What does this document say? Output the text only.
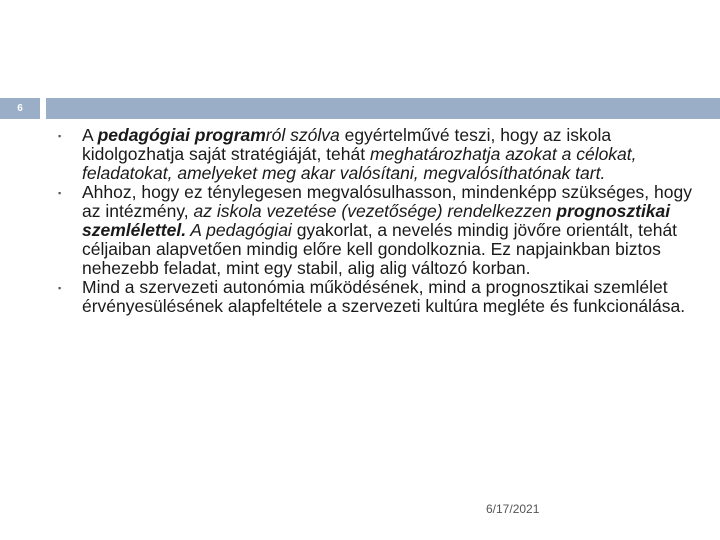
6
▪	A pedagógiai programról szólva egyértelművé teszi, hogy az iskola kidolgozhatja saját stratégiáját, tehát meghatározhatja azokat a célokat, feladatokat, amelyeket meg akar valósítani, megvalósíthatónak tart.
▪	Ahhoz, hogy ez ténylegesen megvalósulhasson, mindenképp szükséges, hogy az intézmény, az iskola vezetése (vezetősége) rendelkezzen prognosztikai szemlélettel. A pedagógiai gyakorlat, a nevelés mindig jövőre orientált, tehát céljaiban alapvetően mindig előre kell gondolkoznia. Ez napjainkban biztos nehezebb feladat, mint egy stabil, alig alig változó korban.
▪	Mind a szervezeti autonómia működésének, mind a prognosztikai szemlélet érvényesülésének alapfeltétele a szervezeti kultúra megléte és funkcionálása.
6/17/2021
